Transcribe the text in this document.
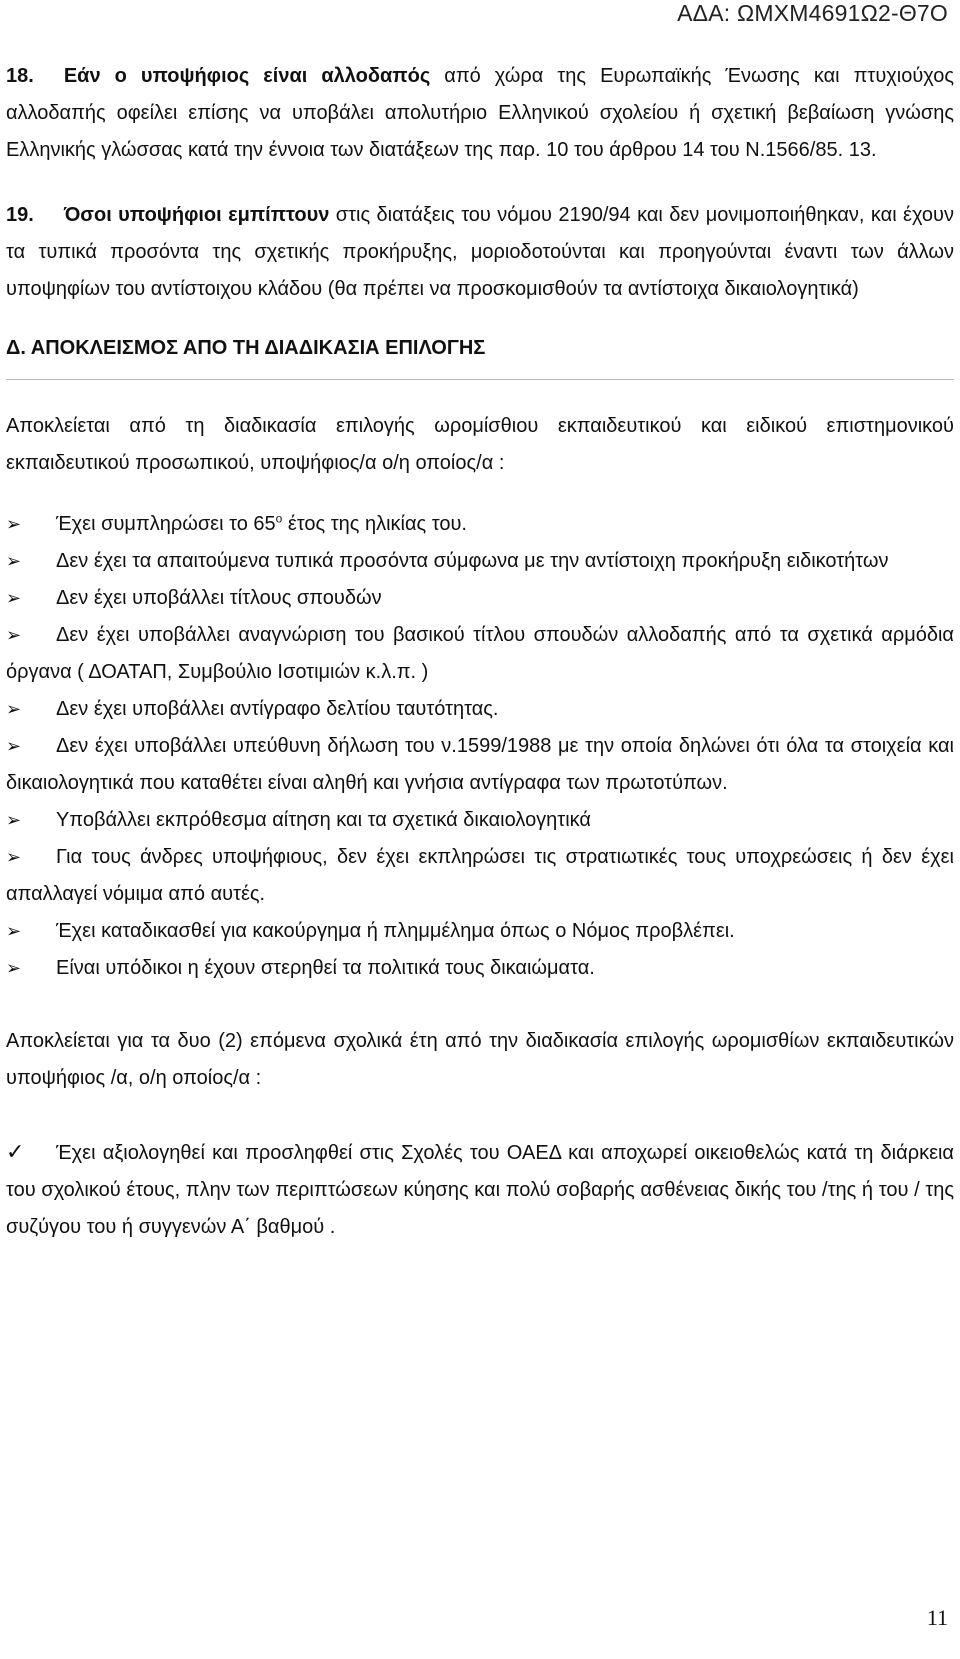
ΑΔΑ: ΩΜΧΜ4691Ω2-Θ7Ο

18. Εάν ο υποψήφιος είναι αλλοδαπός από χώρα της Ευρωπαϊκής Ένωσης και πτυχιούχος αλλοδαπής οφείλει επίσης να υποβάλει απολυτήριο Ελληνικού σχολείου ή σχετική βεβαίωση γνώσης Ελληνικής γλώσσας κατά την έννοια των διατάξεων της παρ. 10 του άρθρου 14 του Ν.1566/85. 13.

19. Όσοι υποψήφιοι εμπίπτουν στις διατάξεις του νόμου 2190/94 και δεν μονιμοποιήθηκαν, και έχουν τα τυπικά προσόντα της σχετικής προκήρυξης, μοριοδοτούνται και προηγούνται έναντι των άλλων υποψηφίων του αντίστοιχου κλάδου (θα πρέπει να προσκομισθούν τα αντίστοιχα δικαιολογητικά)

Δ. ΑΠΟΚΛΕΙΣΜΟΣ ΑΠΟ ΤΗ ΔΙΑΔΙΚΑΣΙΑ ΕΠΙΛΟΓΗΣ

Αποκλείεται από τη διαδικασία επιλογής ωρομίσθιου εκπαιδευτικού και ειδικού επιστημονικού εκπαιδευτικού προσωπικού, υποψήφιος/α ο/η οποίος/α :

➢ Έχει συμπληρώσει το $65^o$ έτος της ηλικίας του.

➢ Δεν έχει τα απαιτούμενα τυπικά προσόντα σύμφωνα με την αντίστοιχη προκήρυξη ειδικοτήτων

➢ Δεν έχει υποβάλλει τίτλους σπουδών

➢ Δεν έχει υποβάλλει αναγνώριση του βασικού τίτλου σπουδών αλλοδαπής από τα σχετικά αρμόδια όργανα ( ΔΟΑΤΑΠ, Συμβούλιο Ισοτιμιών κ.λ.π. )

➢ Δεν έχει υποβάλλει αντίγραφο δελτίου ταυτότητας.

➢ Δεν έχει υποβάλλει υπεύθυνη δήλωση του ν.1599/1988 με την οποία δηλώνει ότι όλα τα στοιχεία και δικαιολογητικά που καταθέτει είναι αληθή και γνήσια αντίγραφα των πρωτοτύπων.

➢ Υποβάλλει εκπρόθεσμα αίτηση και τα σχετικά δικαιολογητικά

➢ Για τους άνδρες υποψήφιους, δεν έχει εκπληρώσει τις στρατιωτικές τους υποχρεώσεις ή δεν έχει απαλλαγεί νόμιμα από αυτές.

➢ Έχει καταδικασθεί για κακούργημα ή πλημμέλημα όπως ο Νόμος προβλέπει.

➢ Είναι υπόδικοι η έχουν στερηθεί τα πολιτικά τους δικαιώματα.

Αποκλείεται για τα δυο (2) επόμενα σχολικά έτη από την διαδικασία επιλογής ωρομισθίων εκπαιδευτικών υποψήφιος /α, ο/η οποίος/α :

✓ Έχει αξιολογηθεί και προσληφθεί στις Σχολές του ΟΑΕΔ και αποχωρεί οικειοθελώς κατά τη διάρκεια του σχολικού έτους, πλην των περιπτώσεων κύησης και πολύ σοβαρής ασθένειας δικής του /της ή του / της συζύγου του ή συγγενών Α΄ βαθμού .

11
